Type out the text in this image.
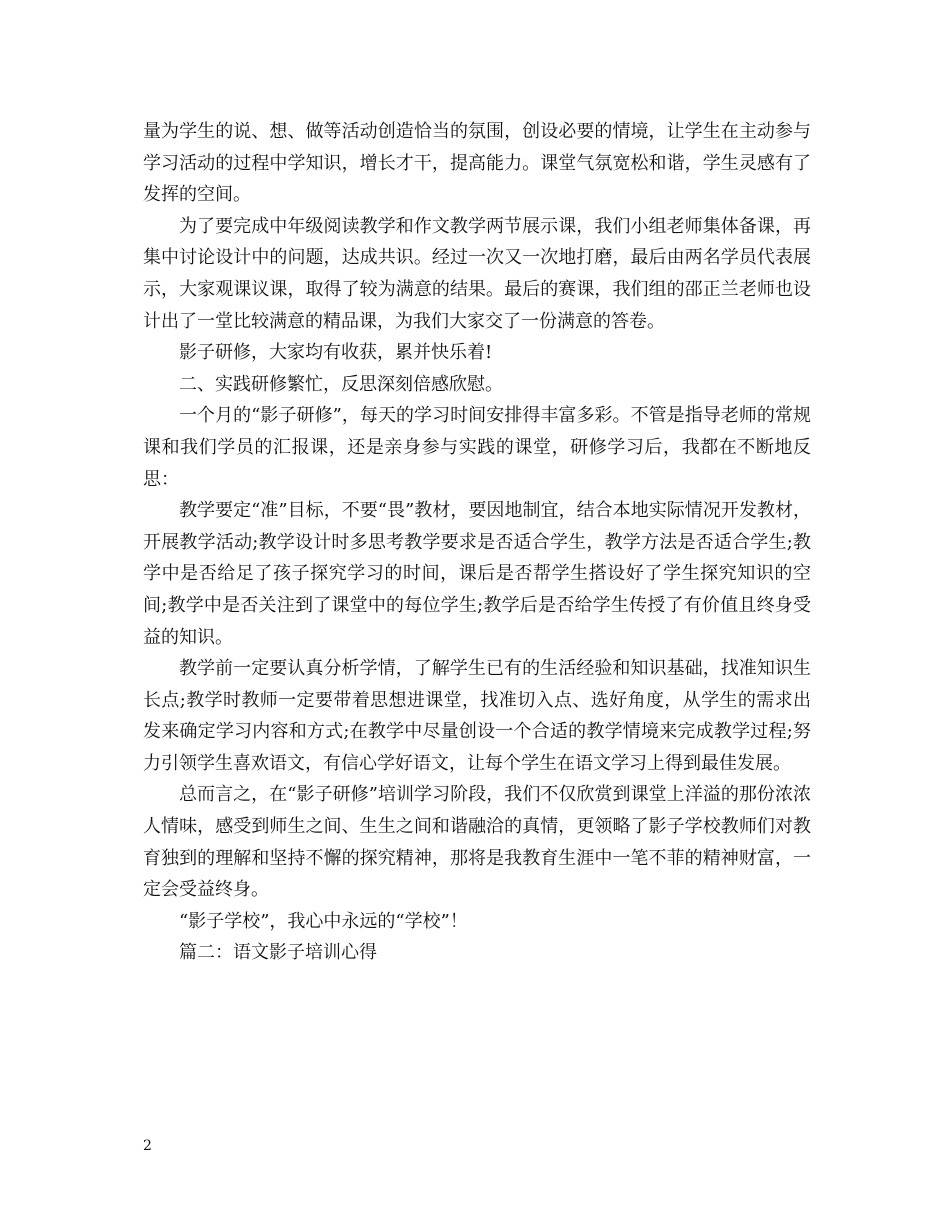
量为学生的说、想、做等活动创造恰当的氛围，创设必要的情境，让学生在主动参与学习活动的过程中学知识，增长才干，提高能力。课堂气氛宽松和谐，学生灵感有了发挥的空间。

为了要完成中年级阅读教学和作文教学两节展示课，我们小组老师集体备课，再集中讨论设计中的问题，达成共识。经过一次又一次地打磨，最后由两名学员代表展示，大家观课议课，取得了较为满意的结果。最后的赛课，我们组的邵正兰老师也设计出了一堂比较满意的精品课，为我们大家交了一份满意的答卷。

影子研修，大家均有收获，累并快乐着!

二、实践研修繁忙，反思深刻倍感欣慰。

一个月的“影子研修”，每天的学习时间安排得丰富多彩。不管是指导老师的常规课和我们学员的汇报课，还是亲身参与实践的课堂，研修学习后，我都在不断地反思：

教学要定“准”目标，不要“畏”教材，要因地制宜，结合本地实际情况开发教材，开展教学活动;教学设计时多思考教学要求是否适合学生，教学方法是否适合学生;教学中是否给足了孩子探究学习的时间，课后是否帮学生搭设好了学生探究知识的空间;教学中是否关注到了课堂中的每位学生;教学后是否给学生传授了有价值且终身受益的知识。

教学前一定要认真分析学情，了解学生已有的生活经验和知识基础，找准知识生长点;教学时教师一定要带着思想进课堂，找准切入点、选好角度，从学生的需求出发来确定学习内容和方式;在教学中尽量创设一个合适的教学情境来完成教学过程;努力引领学生喜欢语文，有信心学好语文，让每个学生在语文学习上得到最佳发展。

总而言之，在“影子研修”培训学习阶段，我们不仅欣赏到课堂上洋溢的那份浓浓人情味，感受到师生之间、生生之间和谐融洽的真情，更领略了影子学校教师们对教育独到的理解和坚持不懈的探究精神，那将是我教育生涯中一笔不菲的精神财富，一定会受益终身。

“影子学校”，我心中永远的“学校”！

篇二：语文影子培训心得

2
